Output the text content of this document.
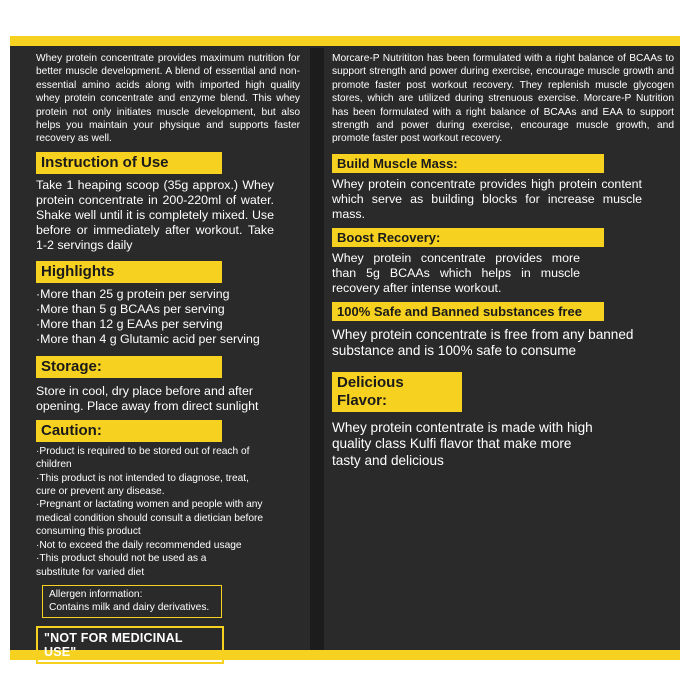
Whey protein concentrate provides maximum nutrition for better muscle development. A blend of essential and non-essential amino acids along with imported high quality whey protein concentrate and enzyme blend. This whey protein not only initiates muscle development, but also helps you maintain your physique and supports faster recovery as well.

Instruction of Use

Take 1 heaping scoop (35g approx.) Whey protein concentrate in 200-220ml of water. Shake well until it is completely mixed. Use before or immediately after workout. Take 1-2 servings daily

Highlights
·More than 25 g protein per serving
·More than 5 g BCAAs per serving
·More than 12 g EAAs per serving
·More than 4 g Glutamic acid per serving
Storage:

Store in cool, dry place before and after opening. Place away from direct sunlight

Caution:
·Product is required to be stored out of reach of children
·This product is not intended to diagnose, treat, cure or prevent any disease.
·Pregnant or lactating women and people with any medical condition should consult a dietician before consuming this product
·Not to exceed the daily recommended usage
·This product should not be used as a substitute for varied diet
Allergen information:
Contains milk and dairy derivatives.
"NOT FOR MEDICINAL USE"

Morcare-P Nutrititon has been formulated with a right balance of BCAAs to support strength and power during exercise, encourage muscle growth and promote faster post workout recovery. They replenish muscle glycogen stores, which are utilized during strenuous exercise. Morcare-P Nutrition has been formulated with a right balance of BCAAs and EAA to support strength and power during exercise, encourage muscle growth, and promote faster post workout recovery.

Build Muscle Mass:

Whey protein concentrate provides high protein content which serve as building blocks for increase muscle mass.

Boost Recovery:

Whey protein concentrate provides more than 5g BCAAs which helps in muscle recovery after intense workout.

100% Safe and Banned substances free

Whey protein concentrate is free from any banned substance and is 100% safe to consume

Delicious Flavor:

Whey protein contentrate is made with high quality class Kulfi flavor that make more tasty and delicious
